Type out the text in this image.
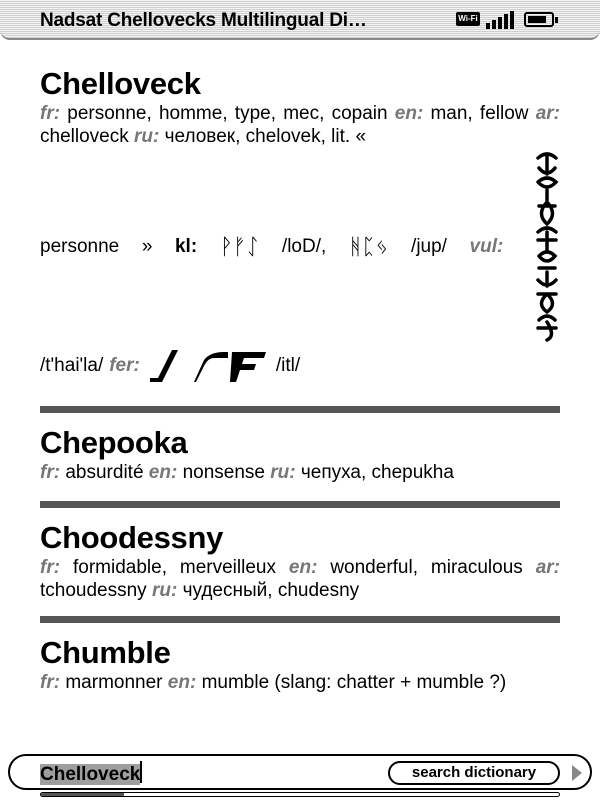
Nadsat Chellovecks Multilingual Di…	Wi-Fi
Chelloveck

fr: personne, homme, type, mec, copain en: man, fellow ar: chelloveck ru: человек, chelovek, lit. «

personne » kl: ᚹᚠᛇ /loD/, ᚻᛈᛃ /jup/ vul:
/t'hai'la/ fer:	/itl/
Chepooka

fr: absurdité en: nonsense ru: чепуха, chepukha

Choodessny

fr: formidable, merveilleux en: wonderful, miraculous ar: tchoudessny ru: чудесный, chudesny

Chumble

fr: marmonner en: mumble (slang: chatter + mumble ?)

Chelloveck	search dictionary
